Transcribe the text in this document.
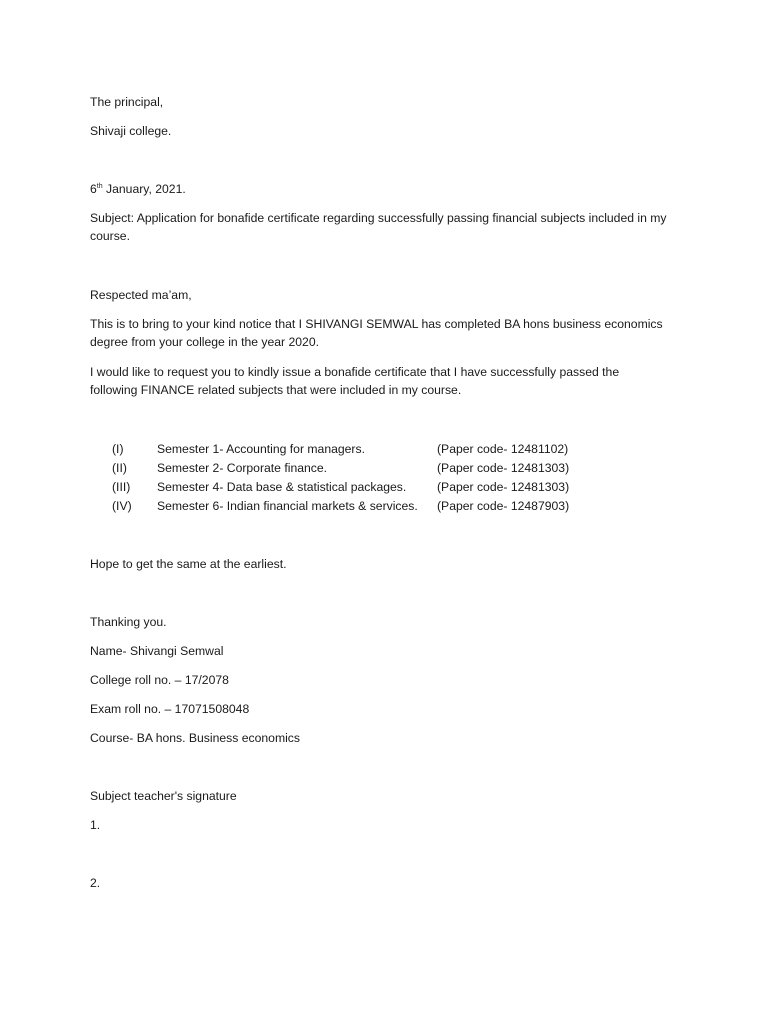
The principal,
Shivaji college.
6th January, 2021.
Subject: Application for bonafide certificate regarding successfully passing financial subjects included in my course.
Respected ma’am,
This is to bring to your kind notice that I SHIVANGI SEMWAL has completed BA hons business economics degree from your college in the year 2020.
I would like to request you to kindly issue a bonafide certificate that I have successfully passed the following FINANCE related subjects that were included in my course.
(I)	Semester 1- Accounting for managers.	(Paper code- 12481102)
(II) Semester 2- Corporate finance.	(Paper code- 12481303)
(III) Semester 4- Data base & statistical packages.	(Paper code- 12481303)
(IV) Semester 6- Indian financial markets & services. (Paper code- 12487903)
Hope to get the same at the earliest.
Thanking you.
Name- Shivangi Semwal
College roll no. – 17/2078
Exam roll no. – 17071508048
Course- BA hons. Business economics
Subject teacher's signature
1.
2.
